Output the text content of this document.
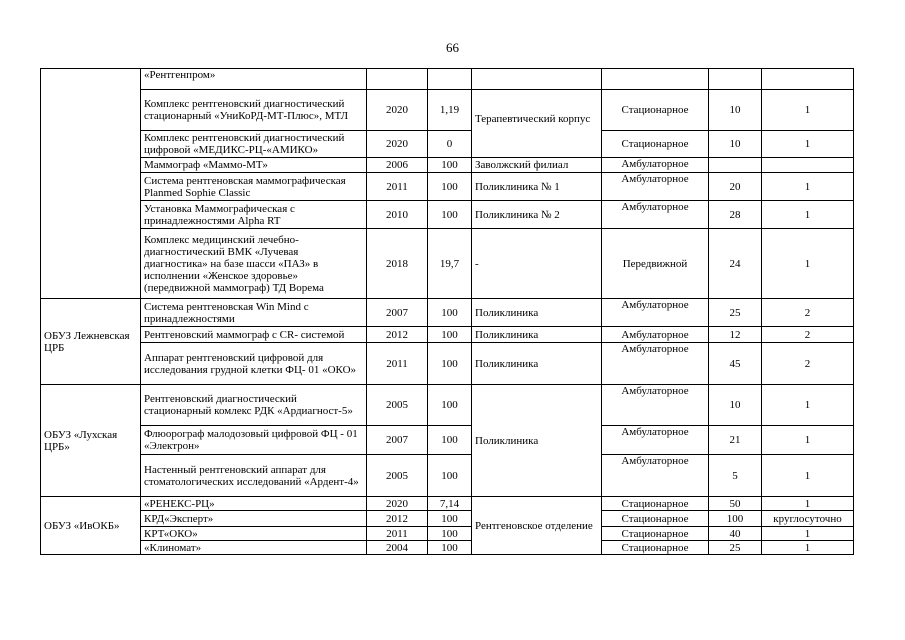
66
	«Рентгенпром»						
	Комплекс рентгеновский диагностический стационарный «УниКоРД-МТ-Плюс», МТЛ	2020	1,19	Терапевтический корпус	Стационарное	10	1
	Комплекс рентгеновский диагностический цифровой «МЕДИКС-РЦ-«АМИКО»	2020	0		Стационарное	10	1
	Маммограф «Маммо-МТ»	2006	100	Заволжский филиал	Амбулаторное		
	Система рентгеновская маммографическая Planmed Sophie Classic	2011	100	Поликлиника № 1	Амбулаторное	20	1
	Установка Маммографическая с принадлежностями Alpha RT	2010	100	Поликлиника № 2	Амбулаторное	28	1
	Комплекс медицинский лечебно-диагностический ВМК «Лучевая диагностика» на базе шасси «ПАЗ» в исполнении «Женское здоровье» (передвижной маммограф) ТД Ворема	2018	19,7	-	Передвижной	24	1
ОБУЗ Лежневская ЦРБ	Система рентгеновская Win Mind с принадлежностями	2007	100	Поликлиника	Амбулаторное	25	2
	Рентгеновский маммограф с CR- системой	2012	100	Поликлиника	Амбулаторное	12	2
	Аппарат рентгеновский цифровой для исследования грудной клетки ФЦ- 01 «ОКО»	2011	100	Поликлиника	Амбулаторное	45	2
ОБУЗ «Лухская ЦРБ»	Рентгеновский диагностический стационарный комлекс РДК «Ардиагност-5»	2005	100	Поликлиника	Амбулаторное	10	1
	Флюорограф малодозовый цифровой ФЦ - 01 «Электрон»	2007	100		Амбулаторное	21	1
	Настенный рентгеновский аппарат для стоматологических исследований «Ардент-4»	2005	100		Амбулаторное	5	1
ОБУЗ «ИвОКБ»	«РЕНЕКС-РЦ»	2020	7,14	Рентгеновское отделение	Стационарное	50	1
	КРД«Эксперт»	2012	100		Стационарное	100	круглосуточно
	КРТ«ОКО»	2011	100		Стационарное	40	1
	«Клиномат»	2004	100		Стационарное	25	1
